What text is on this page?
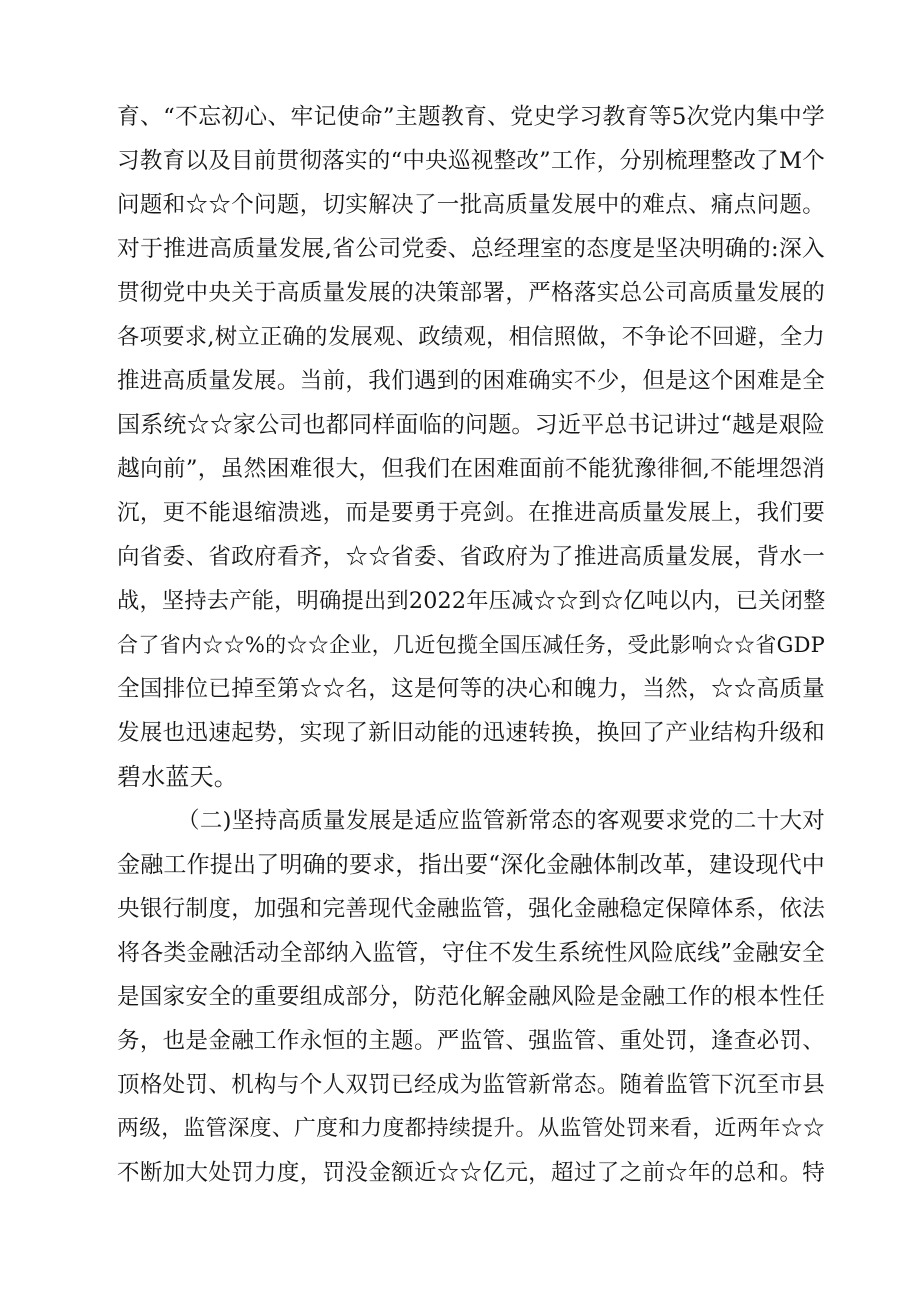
育、“不忘初心、牢记使命”主题教育、党史学习教育等5次党内集中学
习教育以及目前贯彻落实的“中央巡视整改”工作，分别梳理整改了M个
问题和☆☆个问题，切实解决了一批高质量发展中的难点、痛点问题。
对于推进高质量发展,省公司党委、总经理室的态度是坚决明确的:深入
贯彻党中央关于高质量发展的决策部署，严格落实总公司高质量发展的
各项要求,树立正确的发展观、政绩观，相信照做，不争论不回避，全力
推进高质量发展。当前，我们遇到的困难确实不少，但是这个困难是全
国系统☆☆家公司也都同样面临的问题。习近平总书记讲过“越是艰险
越向前”，虽然困难很大，但我们在困难面前不能犹豫徘徊,不能埋怨消
沉，更不能退缩溃逃，而是要勇于亮剑。在推进高质量发展上，我们要
向省委、省政府看齐，☆☆省委、省政府为了推进高质量发展，背水一
战，坚持去产能，明确提出到2022年压减☆☆到☆亿吨以内，已关闭整
合了省内☆☆%的☆☆企业，几近包揽全国压减任务，受此影响☆☆省GDP
全国排位已掉至第☆☆名，这是何等的决心和魄力，当然，☆☆高质量
发展也迅速起势，实现了新旧动能的迅速转换，换回了产业结构升级和
碧水蓝天。
（二)坚持高质量发展是适应监管新常态的客观要求党的二十大对
金融工作提出了明确的要求，指出要“深化金融体制改革，建设现代中
央银行制度，加强和完善现代金融监管，强化金融稳定保障体系，依法
将各类金融活动全部纳入监管，守住不发生系统性风险底线”金融安全
是国家安全的重要组成部分，防范化解金融风险是金融工作的根本性任
务，也是金融工作永恒的主题。严监管、强监管、重处罚，逢查必罚、
顶格处罚、机构与个人双罚已经成为监管新常态。随着监管下沉至市县
两级，监管深度、广度和力度都持续提升。从监管处罚来看，近两年☆☆
不断加大处罚力度，罚没金额近☆☆亿元，超过了之前☆年的总和。特
